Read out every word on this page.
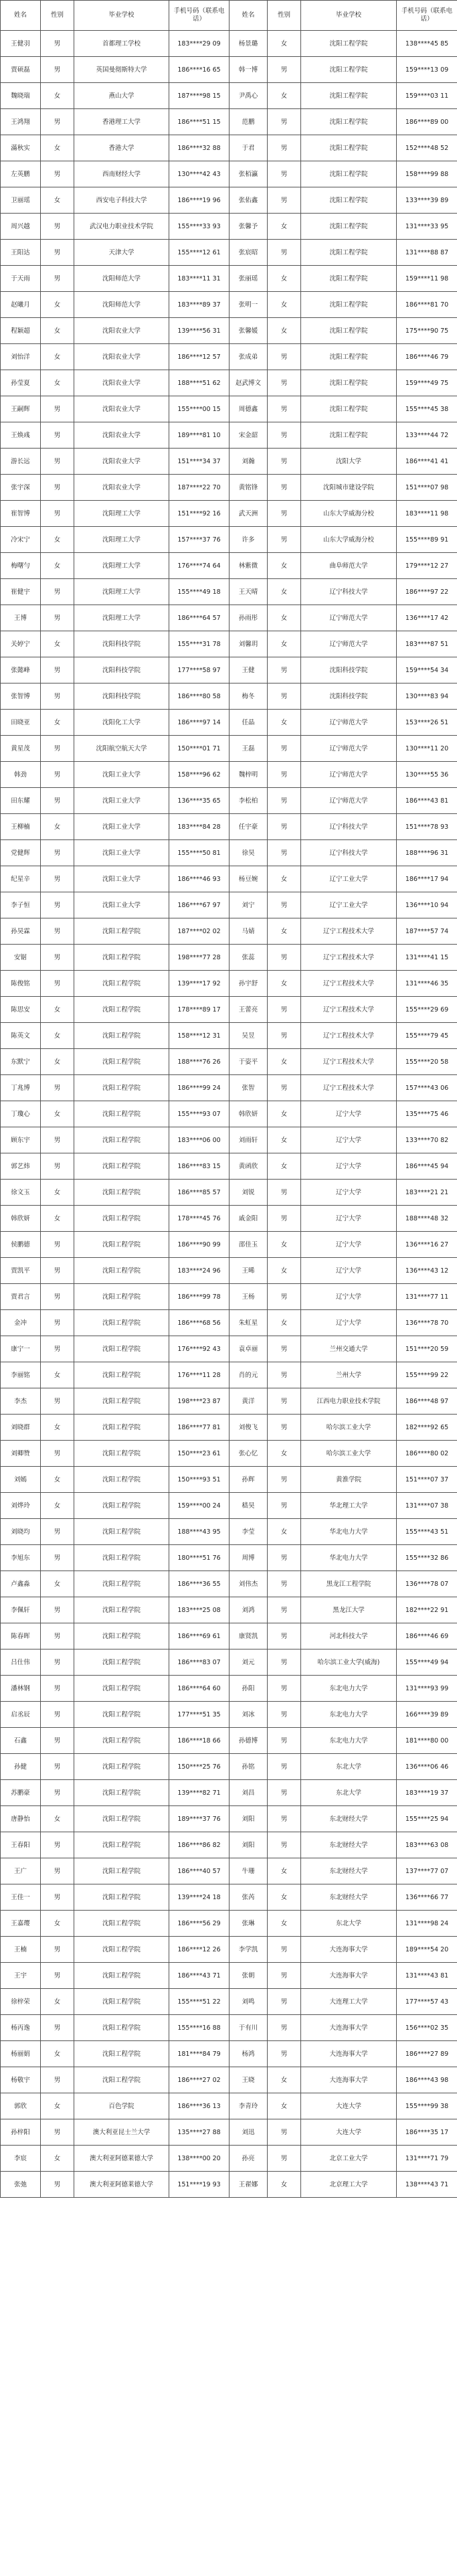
姓名	性别	毕业学校	手机号码（联系电话）	姓名	性别	毕业学校	手机号码（联系电话）
王健羽	男	首都理工学校	183****29 09	杨景璐	女	沈阳工程学院	138****45 85
贾硕磊	男	英国曼彻斯特大学	186****16 65	韩一博	男	沈阳工程学院	159****13 09
魏晓瑞	女	燕山大学	187****98 15	尹禹心	女	沈阳工程学院	159****03 11
王鸿翔	男	香港理工大学	186****51 15	范鹏	男	沈阳工程学院	186****89 00
滿秋实	女	香港大学	186****32 88	于君	男	沈阳工程学院	152****48 52
左英鹏	男	西南财经大学	130****42 43	张栢瀛	男	沈阳工程学院	158****99 88
卫丽瑶	女	西安电子科技大学	186****19 96	张佑鑫	男	沈阳工程学院	133****39 89
周兴越	男	武汉电力职业技术学院	155****33 93	张馨予	女	沈阳工程学院	131****33 95
王阳达	男	天津大学	155****12 61	张宸昭	男	沈阳工程学院	131****88 87
于天雨	男	沈阳师范大学	183****11 31	张丽瑶	女	沈阳工程学院	159****11 98
赵曦月	女	沈阳师范大学	183****89 37	张明一	女	沈阳工程学院	186****81 70
程颖超	女	沈阳农业大学	139****56 31	张馨媛	女	沈阳工程学院	175****90 75
刘怡洋	女	沈阳农业大学	186****12 57	张成弟	男	沈阳工程学院	186****46 79
孙莹夏	女	沈阳农业大学	188****51 62	赵武博文	男	沈阳工程学院	159****49 75
王嗣辉	男	沈阳农业大学	155****00 15	周德鑫	男	沈阳工程学院	155****45 38
王焕彧	男	沈阳农业大学	189****81 10	宋金韶	男	沈阳工程学院	133****44 72
游长远	男	沈阳农业大学	151****34 37	刘瀚	男	沈阳大学	186****41 41
张宇深	男	沈阳农业大学	187****22 70	黄铭锋	男	沈阳城市建设学院	151****07 98
崔智博	男	沈阳理工大学	151****92 16	武天洲	男	山东大学威海分校	183****11 98
冷宋宁	女	沈阳理工大学	157****37 76	许多	男	山东大学威海分校	155****89 91
梅曙勻	女	沈阳理工大学	176****74 64	林紫微	女	曲阜师范大学	179****12 27
崔健宇	男	沈阳理工大学	155****49 18	王天晴	女	辽宁科技大学	186****97 22
王博	男	沈阳理工大学	186****64 57	孙雨彤	女	辽宁师范大学	136****17 42
关婷宁	女	沈阳科技学院	155****31 78	刘馨玥	女	辽宁师范大学	183****87 51
张懿峰	男	沈阳科技学院	177****58 97	王健	男	沈阳科技学院	159****54 34
张智博	男	沈阳科技学院	186****80 58	梅冬	男	沈阳科技学院	130****83 94
田晓亚	女	沈阳化工大学	186****97 14	任晶	女	辽宁师范大学	153****26 51
黄星茂	男	沈阳航空航天大学	150****01 71	王磊	男	辽宁师范大学	130****11 20
韩劲	男	沈阳工业大学	158****96 62	魏梓明	男	辽宁师范大学	130****55 36
田东耀	男	沈阳工业大学	136****35 65	李松柏	男	辽宁师范大学	186****43 81
王柳楠	女	沈阳工业大学	183****84 28	任宇豪	男	辽宁科技大学	151****78 93
党健辉	男	沈阳工业大学	155****50 81	徐昊	男	辽宁科技大学	188****96 31
纪星辛	男	沈阳工业大学	186****46 93	杨豆婉	女	辽宁工业大学	186****17 94
李子恒	男	沈阳工业大学	186****67 97	刘宁	男	辽宁工业大学	136****10 94
孙昊霖	男	沈阳工程学院	187****02 02	马婧	女	辽宁工程技术大学	187****57 74
安锯	男	沈阳工程学院	198****77 28	张蕊	男	辽宁工程技术大学	131****41 15
陈俊铭	男	沈阳工程学院	139****17 92	孙宇舒	女	辽宁工程技术大学	131****46 35
陈思安	女	沈阳工程学院	178****89 17	王蕾亮	男	辽宁工程技术大学	155****29 69
陈英文	女	沈阳工程学院	158****12 31	吴昱	男	辽宁工程技术大学	155****79 45
东默宁	女	沈阳工程学院	188****76 26	于姿平	女	辽宁工程技术大学	155****20 58
丁兆博	男	沈阳工程学院	186****99 24	张智	男	辽宁工程技术大学	157****43 06
丁瓊心	女	沈阳工程学院	155****93 07	韩欣妍	女	辽宁大学	135****75 46
顾东宇	男	沈阳工程学院	183****06 00	刘雨轩	女	辽宁大学	133****70 82
郭艺炜	男	沈阳工程学院	186****83 15	黄函欣	女	辽宁大学	186****45 94
徐文玉	女	沈阳工程学院	186****85 57	刘锐	男	辽宁大学	183****21 21
韩欣妍	女	沈阳工程学院	178****45 76	戚金阳	男	辽宁大学	188****48 32
侯鹏德	男	沈阳工程学院	186****90 99	邵佳玉	女	辽宁大学	136****16 27
贾凯平	男	沈阳工程学院	183****24 96	王晞	女	辽宁大学	136****43 12
贾君言	男	沈阳工程学院	186****99 78	王杨	男	辽宁大学	131****77 11
金冲	男	沈阳工程学院	186****68 56	朱虹星	女	辽宁大学	136****78 70
康宁一	男	沈阳工程学院	176****92 43	袁卓丽	男	兰州交通大学	151****20 59
李丽铭	女	沈阳工程学院	176****11 28	肖的元	男	兰州大学	155****99 22
李杰	男	沈阳工程学院	198****23 87	黄洋	男	江西电力职业技术学院	186****48 97
刘晓群	女	沈阳工程学院	186****77 81	刘俊飞	男	哈尔滨工业大学	182****92 65
刘卿赞	男	沈阳工程学院	150****23 61	张心忆	女	哈尔滨工业大学	186****80 02
刘嫣	女	沈阳工程学院	150****93 51	孙辉	男	黄淮学院	151****07 37
刘烨玲	女	沈阳工程学院	159****00 24	嵇昊	男	华北理工大学	131****07 38
刘晓均	男	沈阳工程学院	188****43 95	李莹	女	华北电力大学	155****43 51
李旭东	男	沈阳工程学院	180****51 76	周博	男	华北电力大学	155****32 86
卢鑫淼	女	沈阳工程学院	186****36 55	刘伟杰	男	黑龙江工程学院	136****78 07
李佩轩	男	沈阳工程学院	183****25 08	刘鸿	男	黑龙江大学	182****22 91
陈春晖	男	沈阳工程学院	186****69 61	康贤凯	男	河北科技大学	186****46 69
吕仕伟	男	沈阳工程学院	186****83 07	刘元	男	哈尔滨工业大学(威海)	155****49 94
潘林钢	男	沈阳工程学院	186****64 60	孙阳	男	东北电力大学	131****93 99
启丞辰	男	沈阳工程学院	177****51 35	刘冰	男	东北电力大学	166****39 89
石鑫	男	沈阳工程学院	186****18 66	孙德博	男	东北电力大学	181****80 00
孙健	男	沈阳工程学院	150****25 76	孙铭	男	东北大学	136****06 46
苏鹏豪	男	沈阳工程学院	139****82 71	刘昌	男	东北大学	183****19 37
唐静怡	女	沈阳工程学院	189****37 76	刘阳	男	东北财经大学	155****25 94
王春阳	男	沈阳工程学院	186****86 82	刘阳	男	东北财经大学	183****63 08
王广	男	沈阳工程学院	186****40 57	牛珊	女	东北财经大学	137****77 07
王佳一	男	沈阳工程学院	139****24 18	张芮	女	东北财经大学	136****66 77
王嘉璎	女	沈阳工程学院	186****56 29	张琳	女	东北大学	131****98 24
王楠	男	沈阳工程学院	186****12 26	李学凯	男	大连海事大学	189****54 20
王宇	男	沈阳工程学院	186****43 71	张朝	男	大连海事大学	131****43 81
徐梓荣	女	沈阳工程学院	155****51 22	刘鸣	男	大连理工大学	177****57 43
杨丙逸	男	沈阳工程学院	155****16 88	于有川	男	大连海事大学	156****02 35
杨丽娟	女	沈阳工程学院	181****84 79	杨鸿	男	大连海事大学	186****27 89
杨敬宇	男	沈阳工程学院	186****27 02	王晓	女	大连海事大学	186****43 98
郭欣	女	百色学院	186****36 13	李青玲	女	大连大学	155****99 38
孙梓阳	男	澳大利亚昆士兰大学	135****27 88	刘迅	男	大连大学	186****35 17
李宸	女	澳大利亚阿德莱德大学	138****00 20	孙亮	男	北京工业大学	131****71 79
张弛	男	澳大利亚阿德莱德大学	151****19 93	王翟娜	女	北京理工大学	138****43 71
